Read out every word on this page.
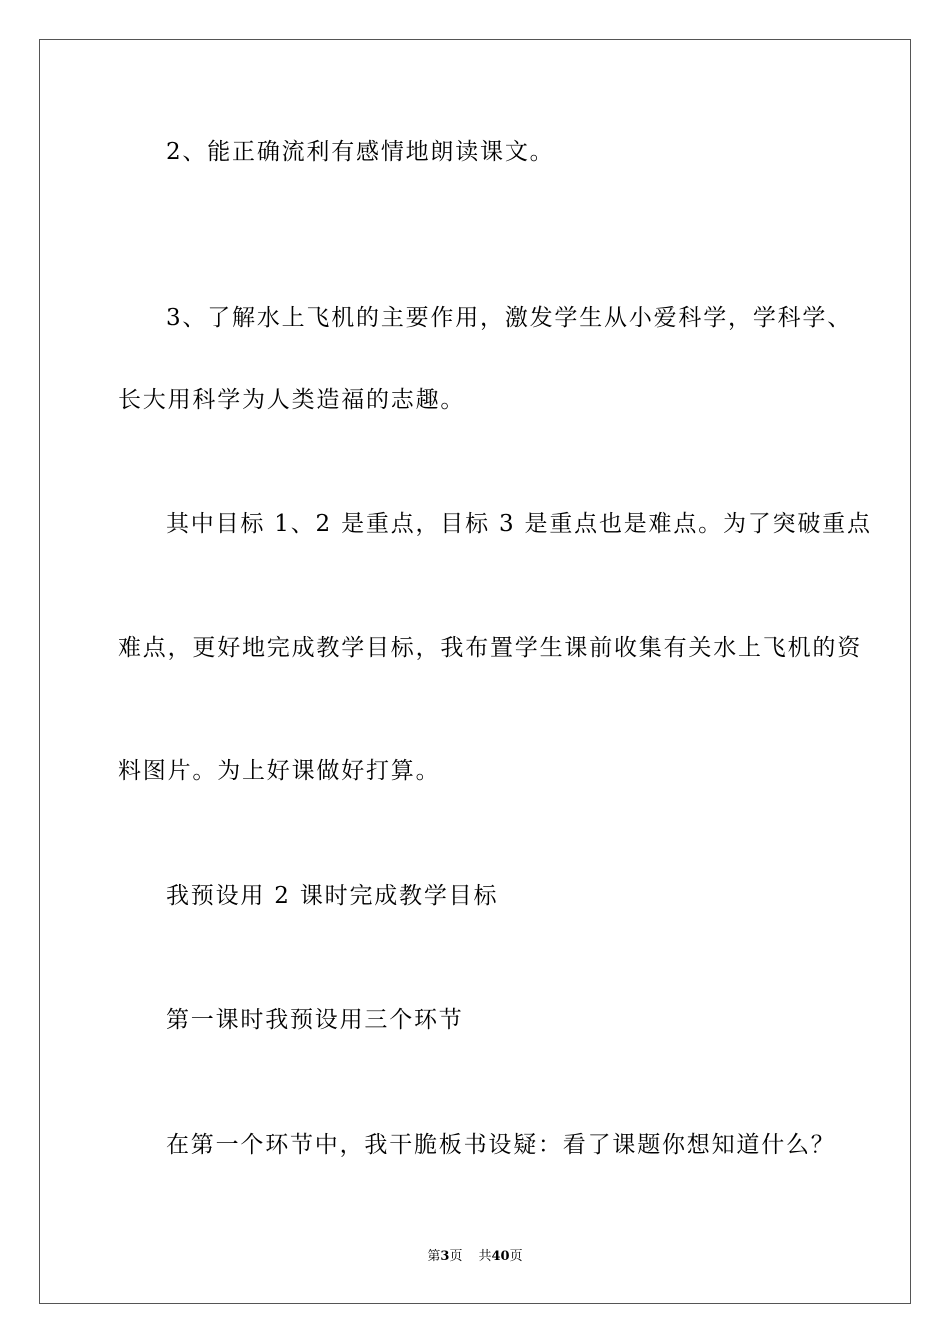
2、能正确流利有感情地朗读课文。
3、了解水上飞机的主要作用，激发学生从小爱科学，学科学、
长大用科学为人类造福的志趣。
其中目标 1、2 是重点，目标 3 是重点也是难点。为了突破重点
难点，更好地完成教学目标，我布置学生课前收集有关水上飞机的资
料图片。为上好课做好打算。
我预设用 2 课时完成教学目标
第一课时我预设用三个环节
在第一个环节中，我干脆板书设疑：看了课题你想知道什么？
第3页 共40页
